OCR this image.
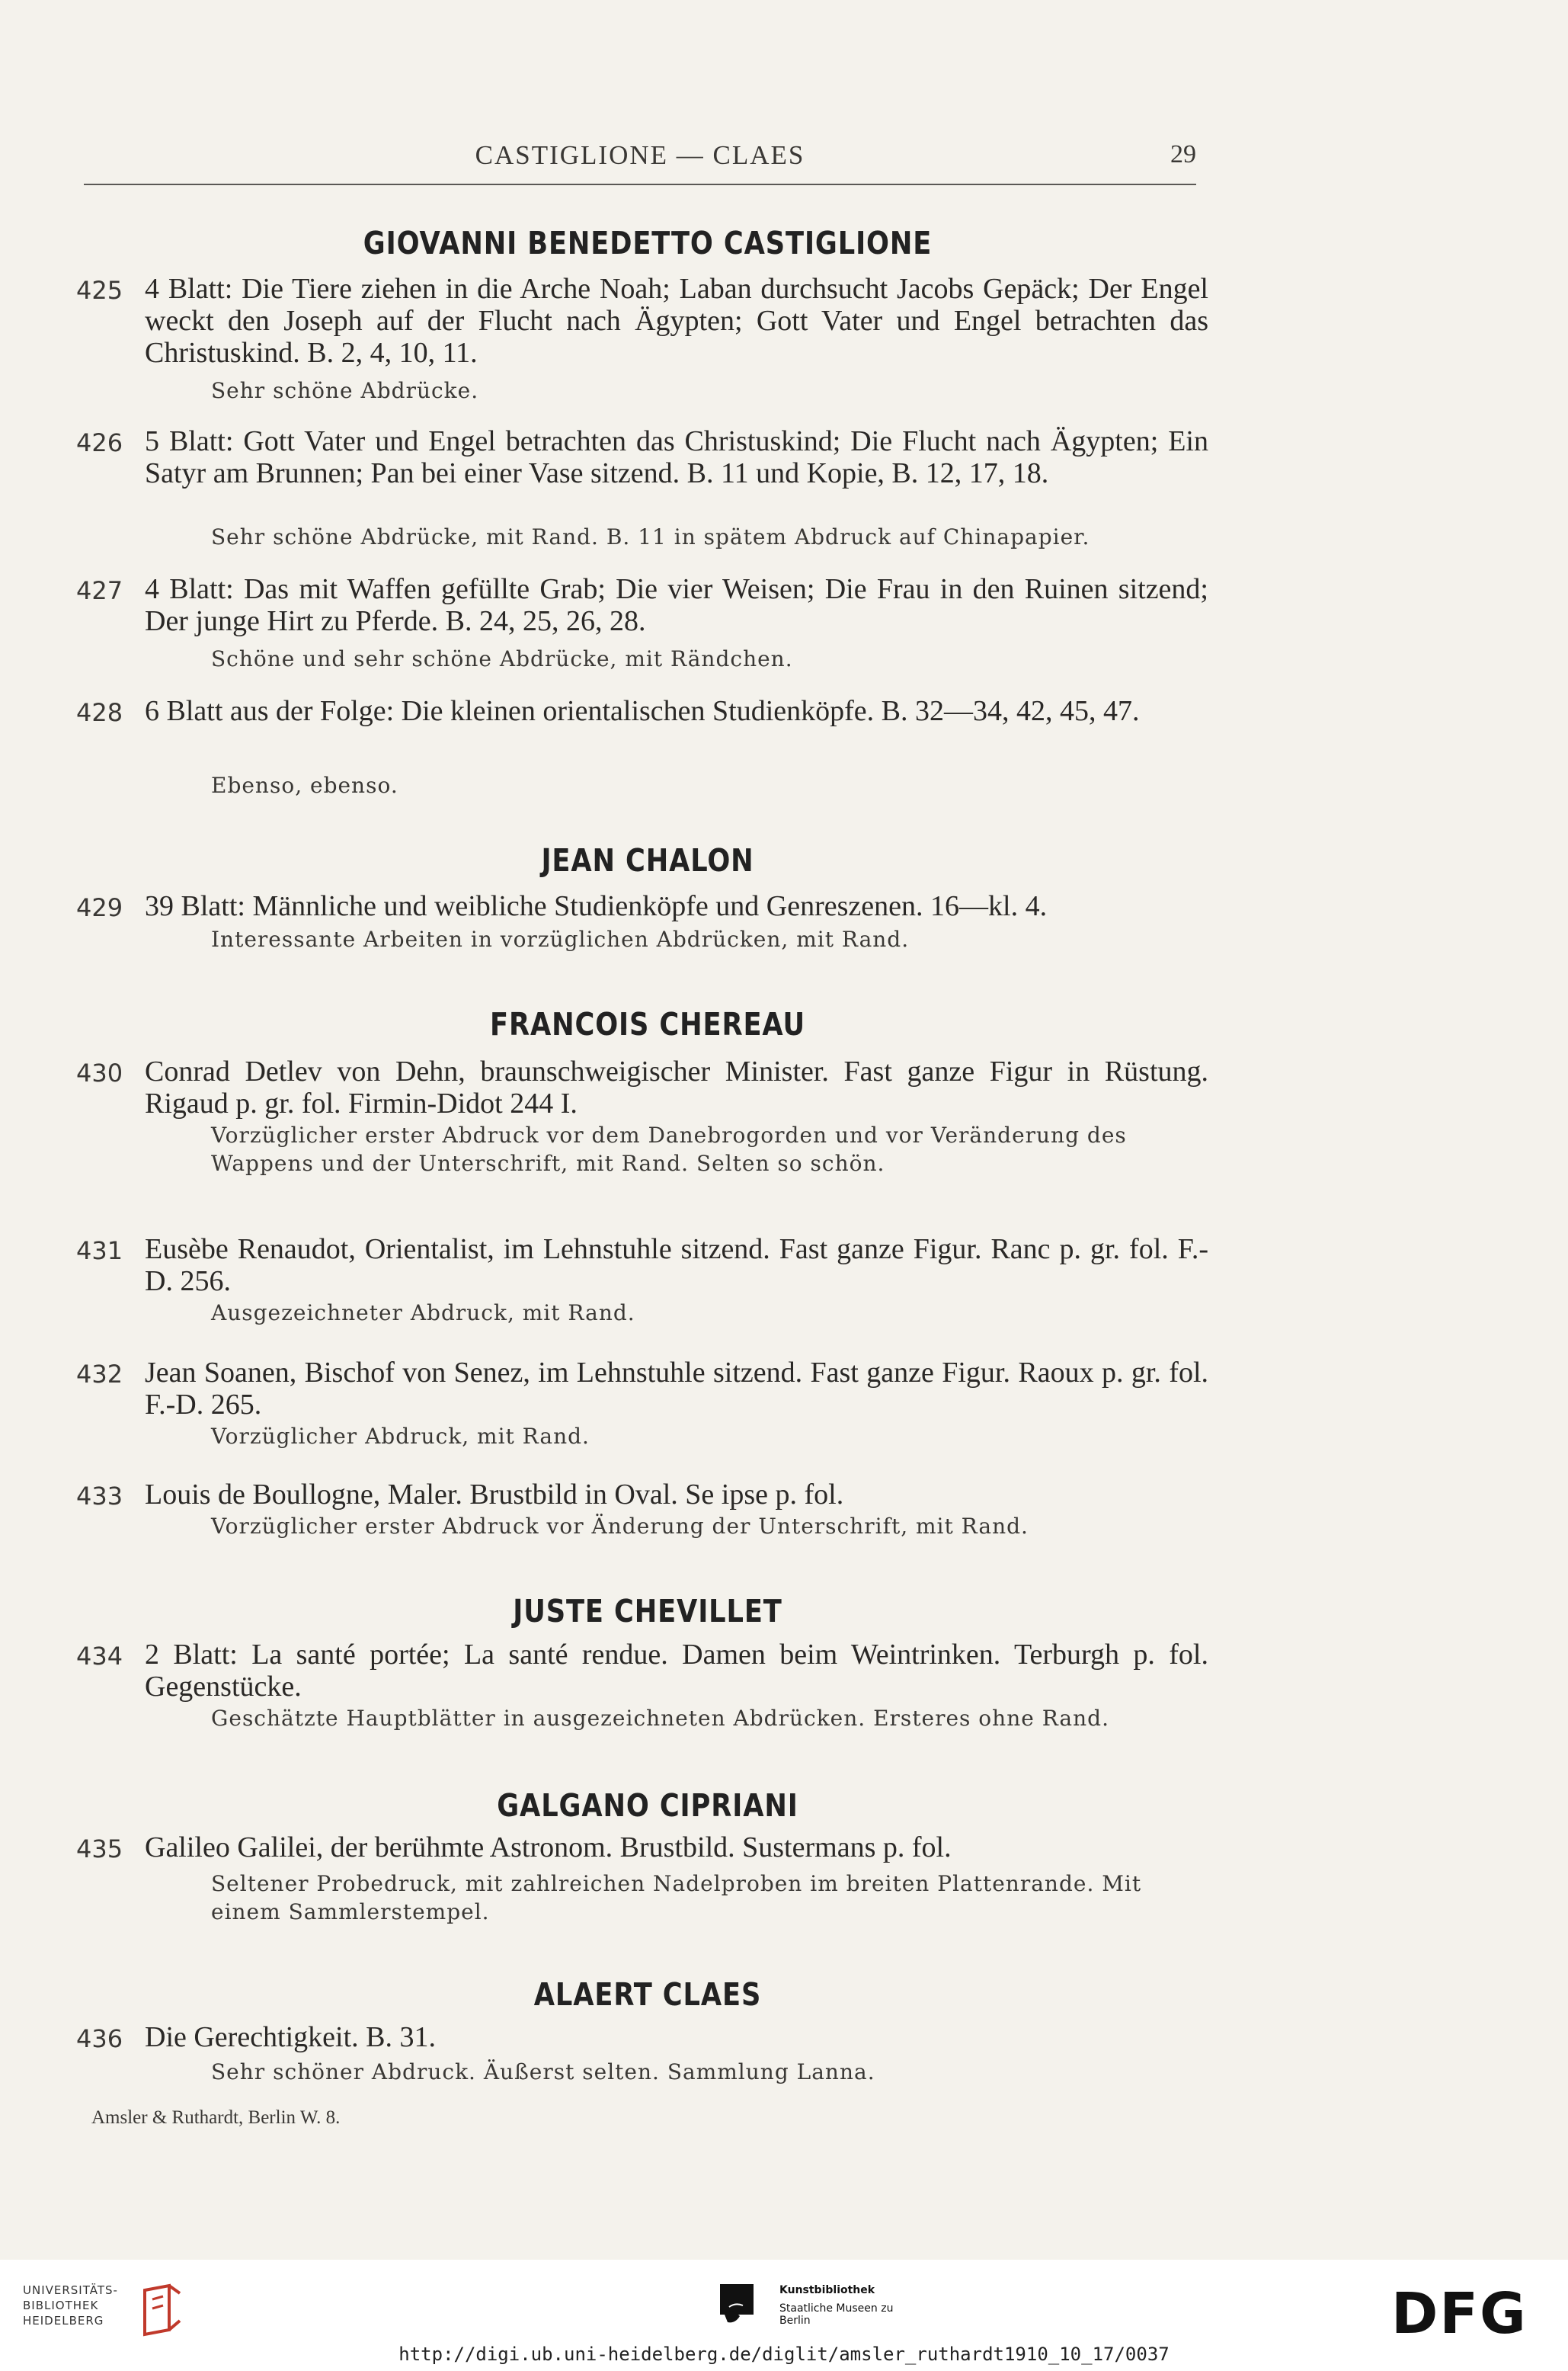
CASTIGLIONE — CLAES	29
GIOVANNI BENEDETTO CASTIGLIONE
425 4 Blatt: Die Tiere ziehen in die Arche Noah; Laban durchsucht Jacobs Gepäck; Der Engel weckt den Joseph auf der Flucht nach Ägypten; Gott Vater und Engel betrachten das Christuskind. B. 2, 4, 10, 11.
Sehr schöne Abdrücke.
426 5 Blatt: Gott Vater und Engel betrachten das Christuskind; Die Flucht nach Ägypten; Ein Satyr am Brunnen; Pan bei einer Vase sitzend. B. 11 und Kopie, B. 12, 17, 18.
Sehr schöne Abdrücke, mit Rand. B. 11 in spätem Abdruck auf Chinapapier.
427 4 Blatt: Das mit Waffen gefüllte Grab; Die vier Weisen; Die Frau in den Ruinen sitzend; Der junge Hirt zu Pferde. B. 24, 25, 26, 28.
Schöne und sehr schöne Abdrücke, mit Rändchen.
428 6 Blatt aus der Folge: Die kleinen orientalischen Studienköpfe. B. 32—34, 42, 45, 47.
Ebenso, ebenso.
JEAN CHALON
429 39 Blatt: Männliche und weibliche Studienköpfe und Genreszenen. 16—kl. 4.
Interessante Arbeiten in vorzüglichen Abdrücken, mit Rand.
FRANCOIS CHEREAU
430 Conrad Detlev von Dehn, braunschweigischer Minister. Fast ganze Figur in Rüstung. Rigaud p. gr. fol. Firmin-Didot 244 I.
Vorzüglicher erster Abdruck vor dem Danebrogorden und vor Veränderung des Wappens und der Unterschrift, mit Rand. Selten so schön.
431 Eusèbe Renaudot, Orientalist, im Lehnstuhle sitzend. Fast ganze Figur. Ranc p. gr. fol. F.-D. 256.
Ausgezeichneter Abdruck, mit Rand.
432 Jean Soanen, Bischof von Senez, im Lehnstuhle sitzend. Fast ganze Figur. Raoux p. gr. fol. F.-D. 265.
Vorzüglicher Abdruck, mit Rand.
433 Louis de Boullogne, Maler. Brustbild in Oval. Se ipse p. fol.
Vorzüglicher erster Abdruck vor Änderung der Unterschrift, mit Rand.
JUSTE CHEVILLET
434 2 Blatt: La santé portée; La santé rendue. Damen beim Weintrinken. Terburgh p. fol. Gegenstücke.
Geschätzte Hauptblätter in ausgezeichneten Abdrücken. Ersteres ohne Rand.
GALGANO CIPRIANI
435 Galileo Galilei, der berühmte Astronom. Brustbild. Sustermans p. fol.
Seltener Probedruck, mit zahlreichen Nadelproben im breiten Plattenrande. Mit einem Sammlerstempel.
ALAERT CLAES
436 Die Gerechtigkeit. B. 31.
Sehr schöner Abdruck. Äußerst selten. Sammlung Lanna.
Amsler & Ruthardt, Berlin W. 8.
UNIVERSITÄTS-
BIBLIOTHEK
HEIDELBERG
Kunstbibliothek
Staatliche Museen zu Berlin	DFG
http://digi.ub.uni-heidelberg.de/diglit/amsler_ruthardt1910_10_17/0037
